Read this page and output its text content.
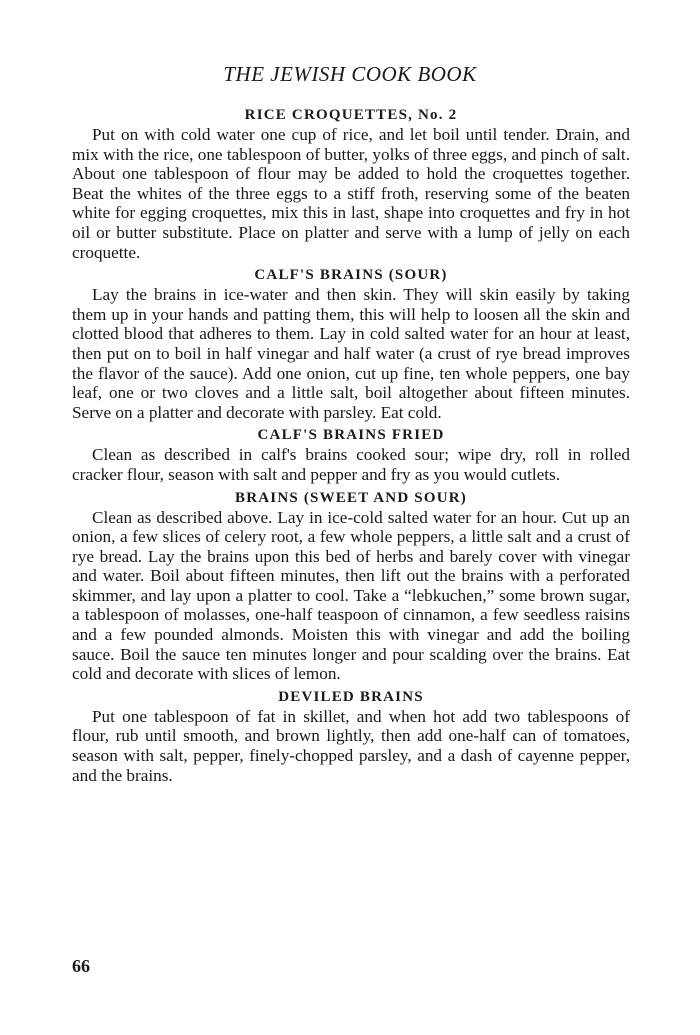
THE JEWISH COOK BOOK
RICE CROQUETTES, No. 2

Put on with cold water one cup of rice, and let boil until tender. Drain, and mix with the rice, one tablespoon of butter, yolks of three eggs, and pinch of salt. About one tablespoon of flour may be added to hold the croquettes together. Beat the whites of the three eggs to a stiff froth, reserving some of the beaten white for egging croquettes, mix this in last, shape into croquettes and fry in hot oil or butter substitute. Place on platter and serve with a lump of jelly on each croquette.

CALF'S BRAINS (SOUR)

Lay the brains in ice-water and then skin. They will skin easily by taking them up in your hands and patting them, this will help to loosen all the skin and clotted blood that adheres to them. Lay in cold salted water for an hour at least, then put on to boil in half vinegar and half water (a crust of rye bread improves the flavor of the sauce). Add one onion, cut up fine, ten whole peppers, one bay leaf, one or two cloves and a little salt, boil altogether about fifteen minutes. Serve on a platter and decorate with parsley. Eat cold.

CALF'S BRAINS FRIED

Clean as described in calf's brains cooked sour; wipe dry, roll in rolled cracker flour, season with salt and pepper and fry as you would cutlets.

BRAINS (SWEET AND SOUR)

Clean as described above. Lay in ice-cold salted water for an hour. Cut up an onion, a few slices of celery root, a few whole peppers, a little salt and a crust of rye bread. Lay the brains upon this bed of herbs and barely cover with vinegar and water. Boil about fifteen minutes, then lift out the brains with a perforated skimmer, and lay upon a platter to cool. Take a “lebkuchen,” some brown sugar, a tablespoon of molasses, one-half teaspoon of cinnamon, a few seedless raisins and a few pounded almonds. Moisten this with vinegar and add the boiling sauce. Boil the sauce ten minutes longer and pour scalding over the brains. Eat cold and decorate with slices of lemon.

DEVILED BRAINS

Put one tablespoon of fat in skillet, and when hot add two tablespoons of flour, rub until smooth, and brown lightly, then add one-half can of tomatoes, season with salt, pepper, finely-chopped parsley, and a dash of cayenne pepper, and the brains.

66
